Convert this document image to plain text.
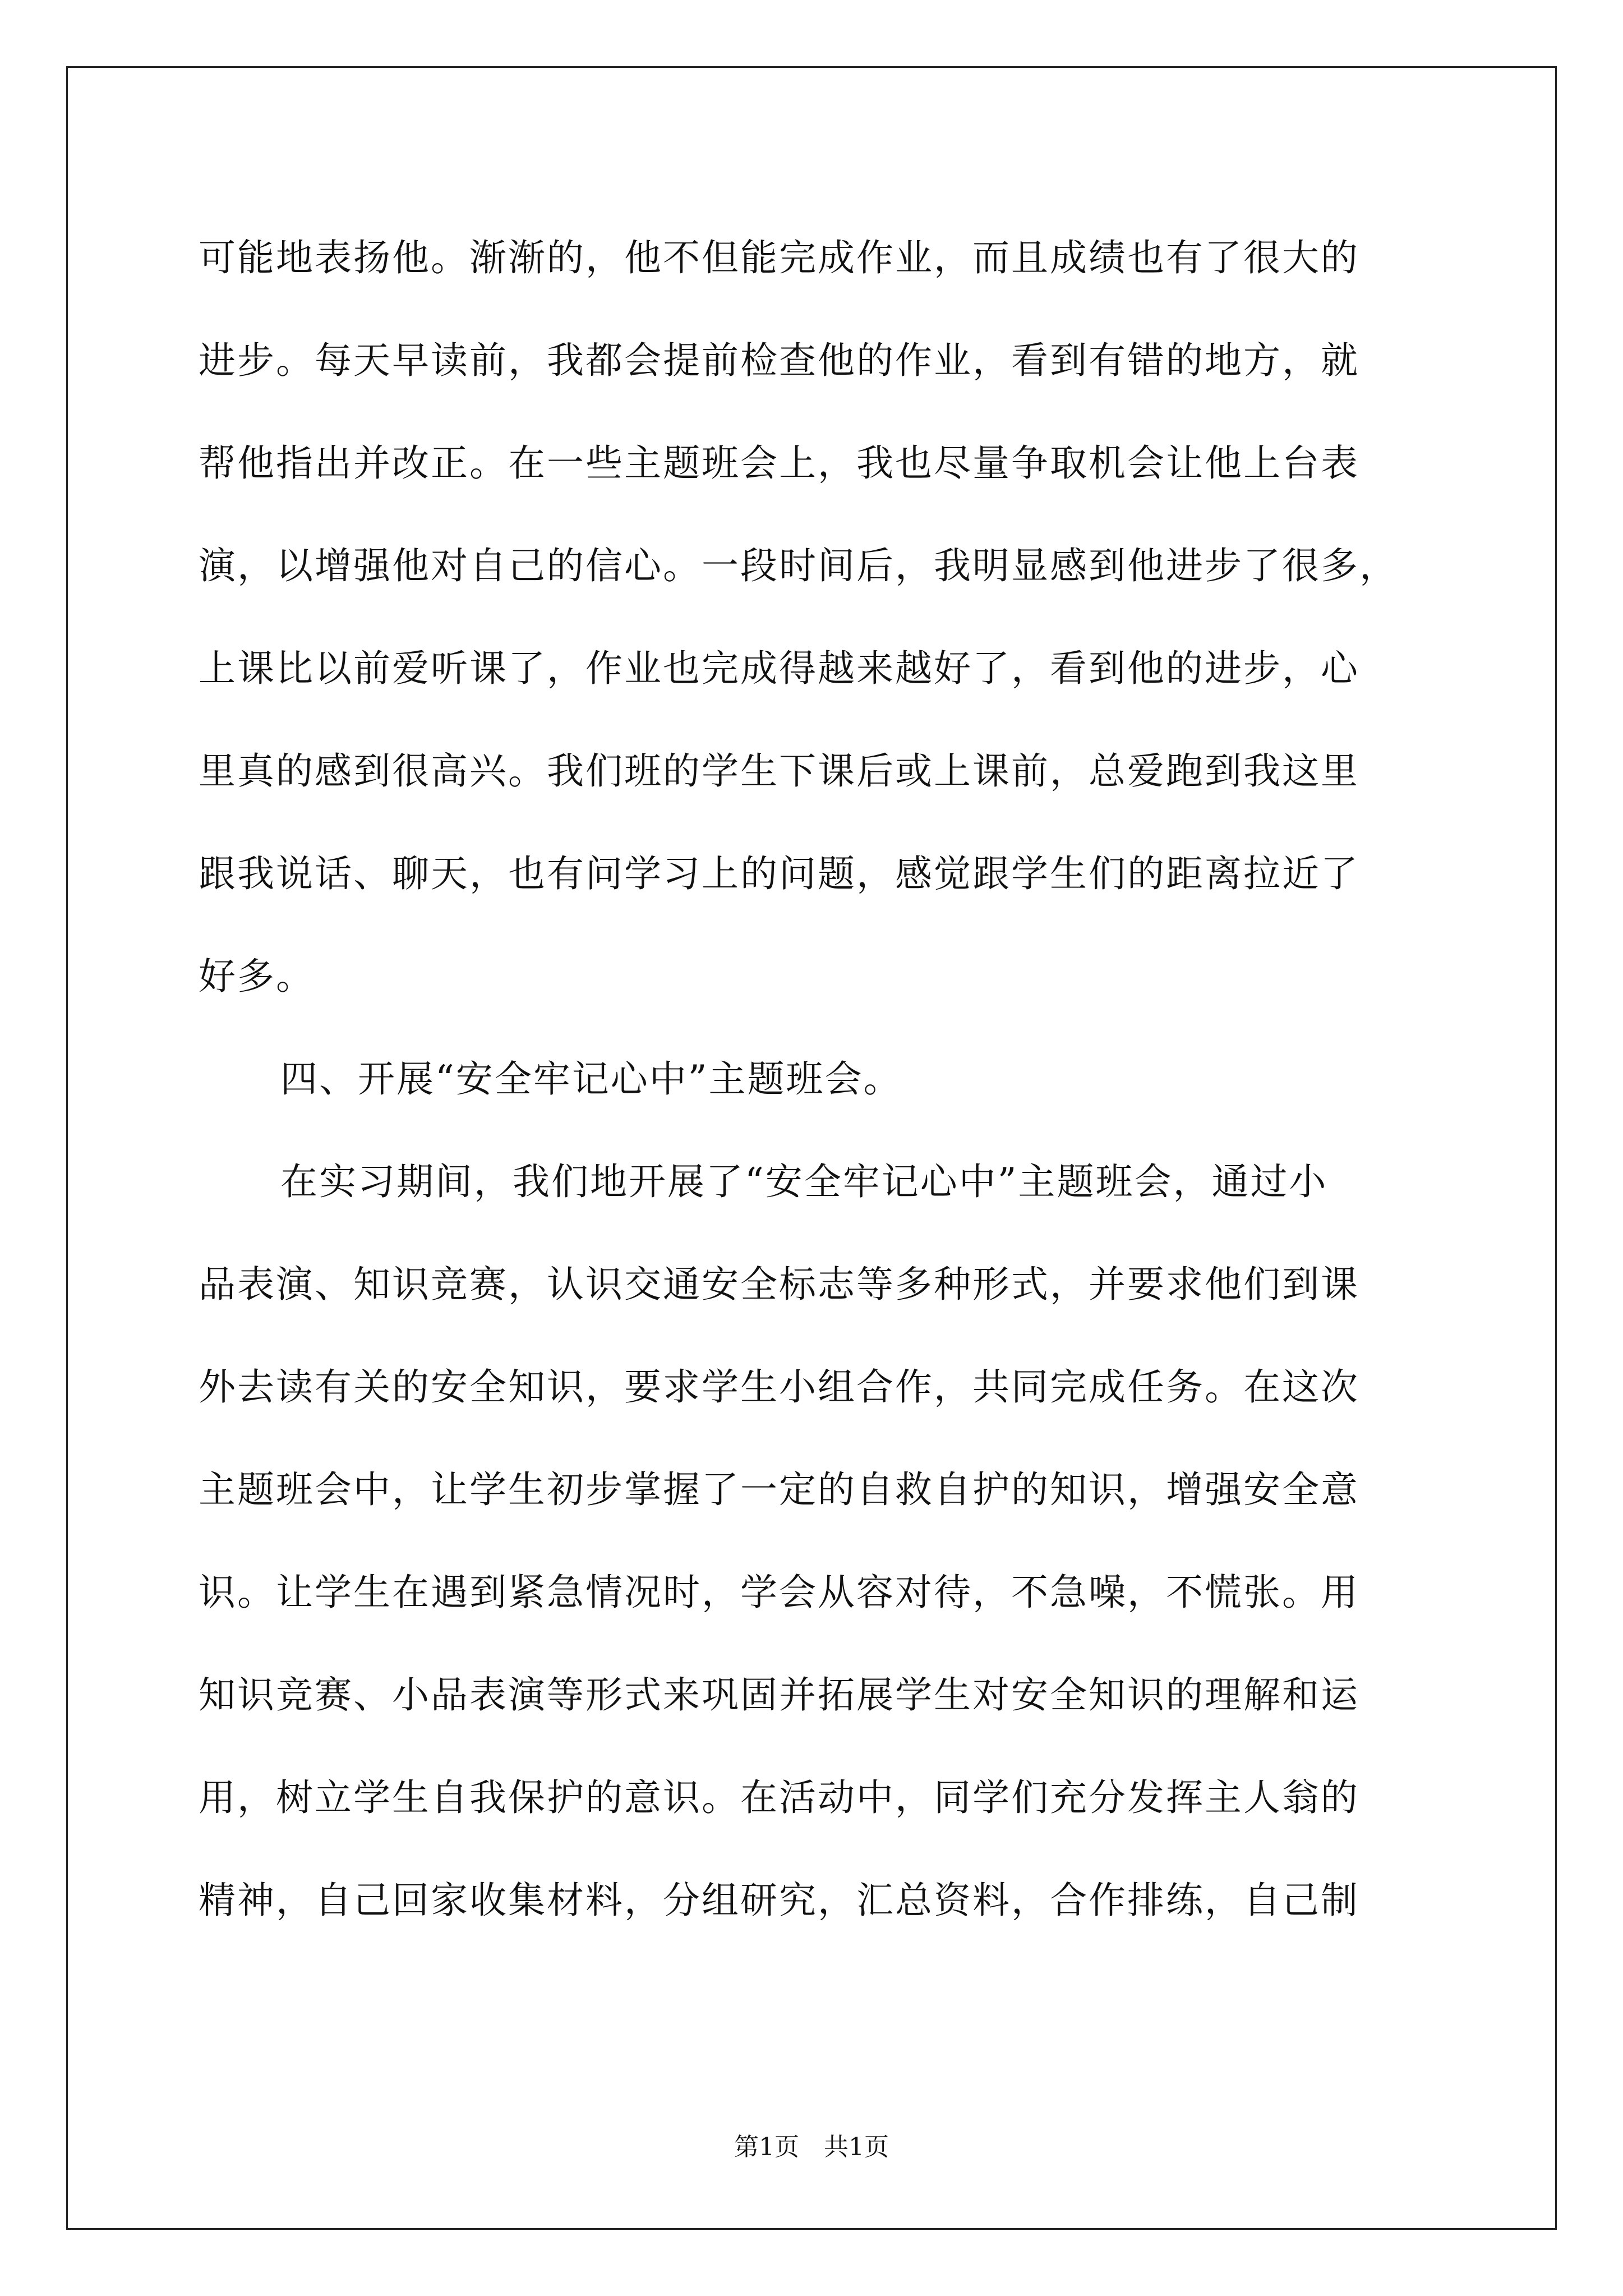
可能地表扬他。渐渐的，他不但能完成作业，而且成绩也有了很大的
进步。每天早读前，我都会提前检查他的作业，看到有错的地方，就
帮他指出并改正。在一些主题班会上，我也尽量争取机会让他上台表
演，以增强他对自己的信心。一段时间后，我明显感到他进步了很多，
上课比以前爱听课了，作业也完成得越来越好了，看到他的进步，心
里真的感到很高兴。我们班的学生下课后或上课前，总爱跑到我这里
跟我说话、聊天，也有问学习上的问题，感觉跟学生们的距离拉近了
好多。
四、开展“安全牢记心中”主题班会。
在实习期间，我们地开展了“安全牢记心中”主题班会，通过小
品表演、知识竞赛，认识交通安全标志等多种形式，并要求他们到课
外去读有关的安全知识，要求学生小组合作，共同完成任务。在这次
主题班会中，让学生初步掌握了一定的自救自护的知识，增强安全意
识。让学生在遇到紧急情况时，学会从容对待，不急噪，不慌张。用
知识竞赛、小品表演等形式来巩固并拓展学生对安全知识的理解和运
用，树立学生自我保护的意识。在活动中，同学们充分发挥主人翁的
精神，自己回家收集材料，分组研究，汇总资料，合作排练，自己制
第1页　共1页
